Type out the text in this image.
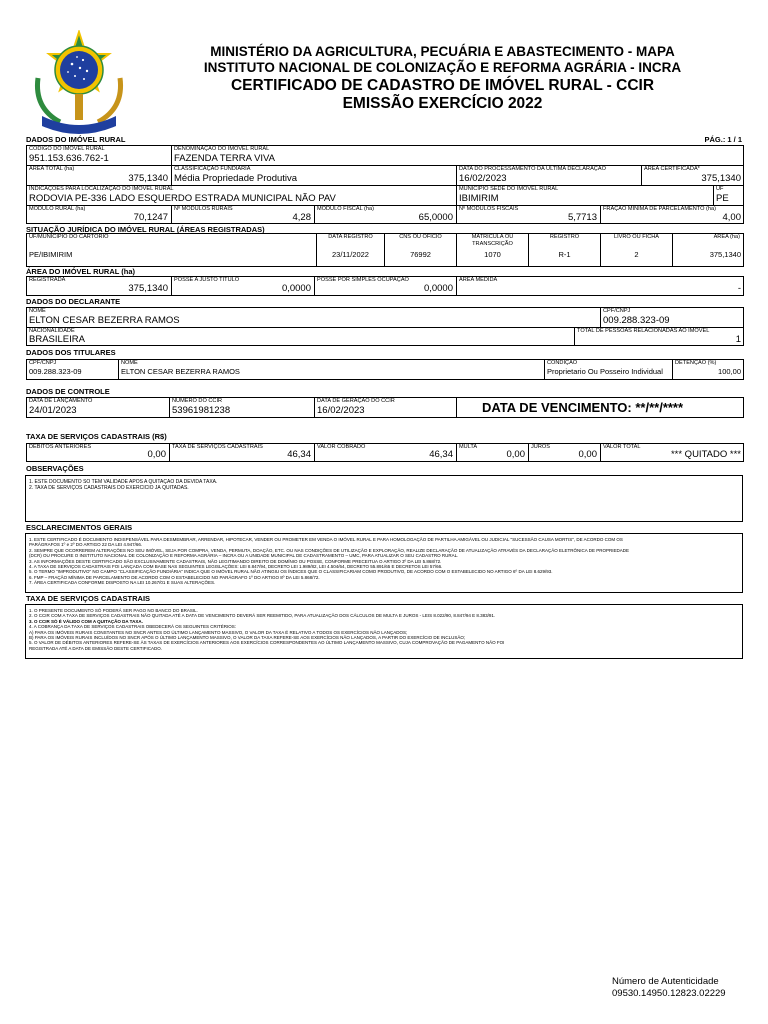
MINISTÉRIO DA AGRICULTURA, PECUÁRIA E ABASTECIMENTO - MAPA
INSTITUTO NACIONAL DE COLONIZAÇÃO E REFORMA AGRÁRIA - INCRA
CERTIFICADO DE CADASTRO DE IMÓVEL RURAL - CCIR
EMISSÃO EXERCÍCIO 2022
DADOS DO IMÓVEL RURAL	PÁG.: 1 / 1
CÓDIGO DO IMÓVEL RURAL
951.153.636.762-1
DENOMINAÇÃO DO IMÓVEL RURAL
FAZENDA TERRA VIVA
ÁREA TOTAL (ha)
375,1340
CLASSIFICAÇÃO FUNDIÁRIA
Média Propriedade Produtiva
DATA DO PROCESSAMENTO DA ÚLTIMA DECLARAÇÃO
16/02/2023
ÁREA CERTIFICADA*
375,1340
INDICAÇÕES PARA LOCALIZAÇÃO DO IMÓVEL RURAL
RODOVIA PE-336 LADO ESQUERDO ESTRADA MUNICIPAL NÃO PAV
MUNICÍPIO SEDE DO IMÓVEL RURAL
IBIMIRIM
UF
PE
MÓDULO RURAL (ha)
70,1247
Nº MÓDULOS RURAIS
4,28
MÓDULO FISCAL (ha)
65,0000
Nº MÓDULOS FISCAIS
5,7713
FRAÇÃO MÍNIMA DE PARCELAMENTO (ha)
4,00
SITUAÇÃO JURÍDICA DO IMÓVEL RURAL (ÁREAS REGISTRADAS)
UF/MUNICÍPIO DO CARTÓRIO
PE/IBIMIRIM
DATA REGISTRO
23/11/2022
CNS OU OFÍCIO
76992
MATRÍCULA OU TRANSCRIÇÃO
1070
REGISTRO
R-1
LIVRO OU FICHA
2
ÁREA (ha)
375,1340
ÁREA DO IMÓVEL RURAL (ha)
REGISTRADA
375,1340
POSSE A JUSTO TÍTULO
0,0000
POSSE POR SIMPLES OCUPAÇÃO
0,0000
ÁREA MEDIDA
-
DADOS DO DECLARANTE
NOME
ELTON CESAR BEZERRA RAMOS
CPF/CNPJ
009.288.323-09
NACIONALIDADE
BRASILEIRA
TOTAL DE PESSOAS RELACIONADAS AO IMÓVEL
1
DADOS DOS TITULARES
CPF/CNPJ
009.288.323-09
NOME
ELTON CESAR BEZERRA RAMOS
CONDIÇÃO
Proprietario Ou Posseiro Individual
DETENÇÃO (%)
100,00
DADOS DE CONTROLE
DATA DE LANÇAMENTO
24/01/2023
NÚMERO DO CCIR
53961981238
DATA DE GERAÇÃO DO CCIR
16/02/2023	DATA DE VENCIMENTO: **/**/****
TAXA DE SERVIÇOS CADASTRAIS (R$)
DÉBITOS ANTERIORES
0,00
TAXA DE SERVIÇOS CADASTRAIS
46,34
VALOR COBRADO
46,34
MULTA
0,00
JUROS
0,00
VALOR TOTAL
*** QUITADO ***
OBSERVAÇÕES

1. ESTE DOCUMENTO SÓ TEM VALIDADE APÓS A QUITAÇÃO DA DEVIDA TAXA.

2. TAXA DE SERVIÇOS CADASTRAIS DO EXERCÍCIO JÁ QUITADAS.

ESCLARECIMENTOS GERAIS

1. ESTE CERTIFICADO É DOCUMENTO INDISPENSÁVEL PARA DESMEMBRAR, ARRENDAR, HIPOTECAR, VENDER OU PROMETER EM VENDA O IMÓVEL RURAL E PARA HOMOLOGAÇÃO DE PARTILHA AMIGÁVEL OU JUDICIAL "SUCESSÃO CAUSA MORTIS", DE ACORDO COM OS

PARÁGRAFOS 1º e 2º DO ARTIGO 22 DA LEI 4.947/66.

2. SEMPRE QUE OCORREREM ALTERAÇÕES NO SEU IMÓVEL, SEJA POR COMPRA, VENDA, PERMUTA, DOAÇÃO, ETC. OU NAS CONDIÇÕES DE UTILIZAÇÃO E EXPLORAÇÃO, REALIZE DECLARAÇÃO DE ATUALIZAÇÃO ATRAVÉS DA DECLARAÇÃO ELETRÔNICA DE PROPRIEDADE

(DCR) OU PROCURE O INSTITUTO NACIONAL DE COLONIZAÇÃO E REFORMA AGRÁRIA – INCRA OU A UNIDADE MUNICIPAL DE CADASTRAMENTO – UMC, PARA ATUALIZAR O SEU CADASTRO RURAL.

3. AS INFORMAÇÕES DESTE CERTIFICADO SÃO EXCLUSIVAMENTE CADASTRAIS, NÃO LEGITIMANDO DIREITO DE DOMÍNIO OU POSSE, CONFORME PRECEITUA O ARTIGO 3º DA LEI 5.868/72.

4. A TAXA DE SERVIÇOS CADASTRAIS FOI LANÇADA COM BASE NAS SEGUINTES LEGISLAÇÕES: LEI 8.847/94, DECRETO LEI 1.989/82, LEI 4.504/64, DECRETO 55.891/65 E DECRETOS LEI 57/66.

5. O TERMO "IMPRODUTIVO" NO CAMPO "CLASSIFICAÇÃO FUNDIÁRIA" INDICA QUE O IMÓVEL RURAL NÃO ATINGIU OS ÍNDICES QUE O CLASSIFICARIAM COMO PRODUTIVO, DE ACORDO COM O ESTABELECIDO NO ARTIGO 6º DA LEI 8.629/93.

6. FMP – FRAÇÃO MÍNIMA DE PARCELAMENTO DE ACORDO COM O ESTABELECIDO NO PARÁGRAFO 1º DO ARTIGO 8º DA LEI 5.868/72.

7. ÁREA CERTIFICADA CONFORME DISPOSTO NA LEI 10.267/01 E SUAS ALTERAÇÕES.

TAXA DE SERVIÇOS CADASTRAIS

1. O PRESENTE DOCUMENTO SÓ PODERÁ SER PAGO NO BANCO DO BRASIL.

2. O CCIR COM A TAXA DE SERVIÇOS CADASTRAIS NÃO QUITADA ATÉ A DATA DE VENCIMENTO DEVERÁ SER REEMITIDO, PARA ATUALIZAÇÃO DOS CÁLCULOS DE MULTA E JUROS - LEIS 8.022/90, 8.847/94 E 8.383/91.

3. O CCIR SÓ É VÁLIDO COM A QUITAÇÃO DA TAXA.

4. A COBRANÇA DA TAXA DE SERVIÇOS CADASTRAIS OBEDECERÁ OS SEGUINTES CRITÉRIOS:

A) PARA OS IMÓVEIS RURAIS CONSTANTES NO SNCR ANTES DO ÚLTIMO LANÇAMENTO MASSIVO, O VALOR DA TAXA É RELATIVO A TODOS OS EXERCÍCIOS NÃO LANÇADOS;

B) PARA OS IMÓVEIS RURAIS INCLUÍDOS NO SNCR APÓS O ÚLTIMO LANÇAMENTO MASSIVO, O VALOR DA TAXA REFERE-SE AOS EXERCÍCIOS NÃO LANÇADOS, A PARTIR DO EXERCÍCIO DE INCLUSÃO;

5. O VALOR DE DÉBITOS ANTERIORES REFERE-SE ÀS TAXAS DE EXERCÍCIOS ANTERIORES AOS EXERCÍCIOS CORRESPONDENTES AO ÚLTIMO LANÇAMENTO MASSIVO, CUJA COMPROVAÇÃO DE PAGAMENTO NÃO FOI

REGISTRADA ATÉ A DATA DE EMISSÃO DESTE CERTIFICADO.

Número de Autenticidade
09530.14950.12823.02229
